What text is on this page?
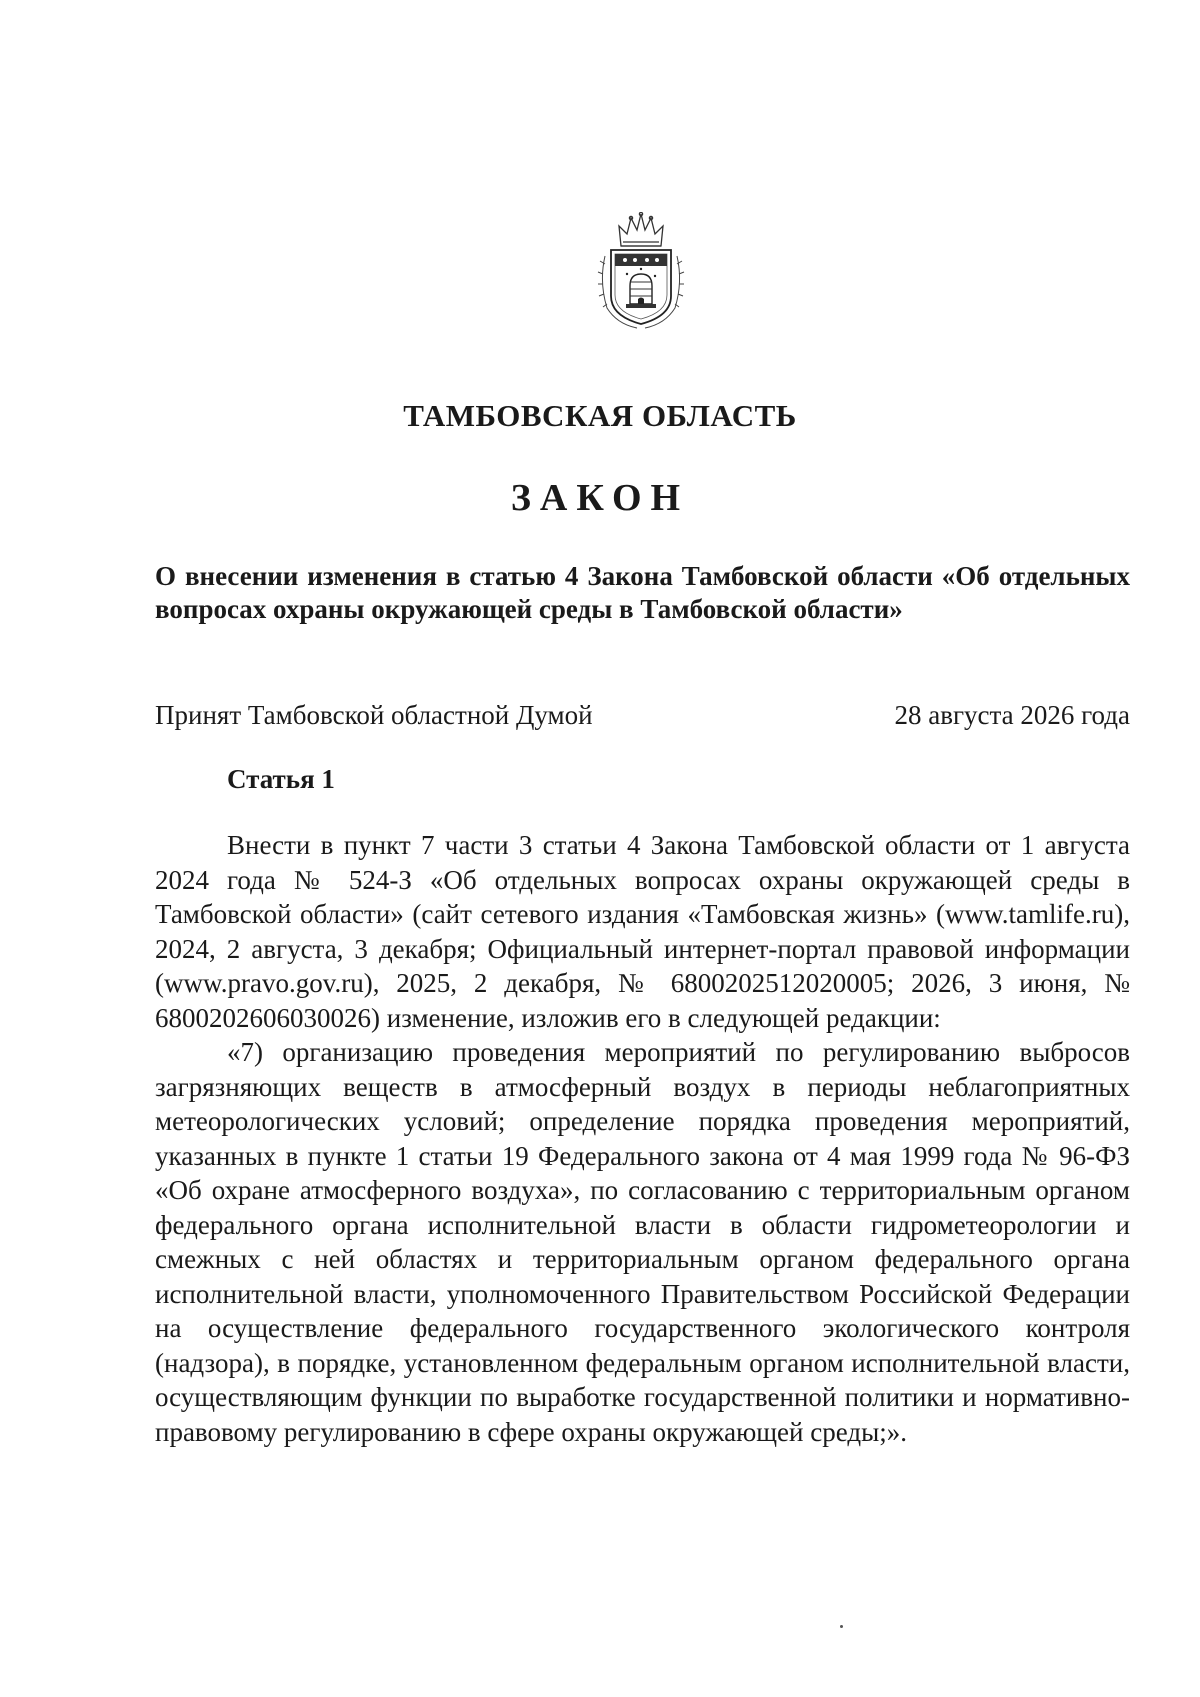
ТАМБОВСКАЯ ОБЛАСТЬ
ЗАКОН
О внесении изменения в статью 4 Закона Тамбовской области «Об отдельных вопросах охраны окружающей среды в Тамбовской области»
Принят Тамбовской областной Думой	28 августа 2026 года
Статья 1

Внести в пункт 7 части 3 статьи 4 Закона Тамбовской области от 1 августа 2024 года № 524-З «Об отдельных вопросах охраны окружающей среды в Тамбовской области» (сайт сетевого издания «Тамбовская жизнь» (www.tamlife.ru), 2024, 2 августа, 3 декабря; Официальный интернет-портал правовой информации (www.pravo.gov.ru), 2025, 2 декабря, № 6800202512020005; 2026, 3 июня, № 6800202606030026) изменение, изложив его в следующей редакции:

«7) организацию проведения мероприятий по регулированию выбросов загрязняющих веществ в атмосферный воздух в периоды неблагоприятных метеорологических условий; определение порядка проведения мероприятий, указанных в пункте 1 статьи 19 Федерального закона от 4 мая 1999 года № 96-ФЗ «Об охране атмосферного воздуха», по согласованию с территориальным органом федерального органа исполнительной власти в области гидрометеорологии и смежных с ней областях и территориальным органом федерального органа исполнительной власти, уполномоченного Правительством Российской Федерации на осуществление федерального государственного экологического контроля (надзора), в порядке, установленном федеральным органом исполнительной власти, осуществляющим функции по выработке государственной политики и нормативно-правовому регулированию в сфере охраны окружающей среды;».
